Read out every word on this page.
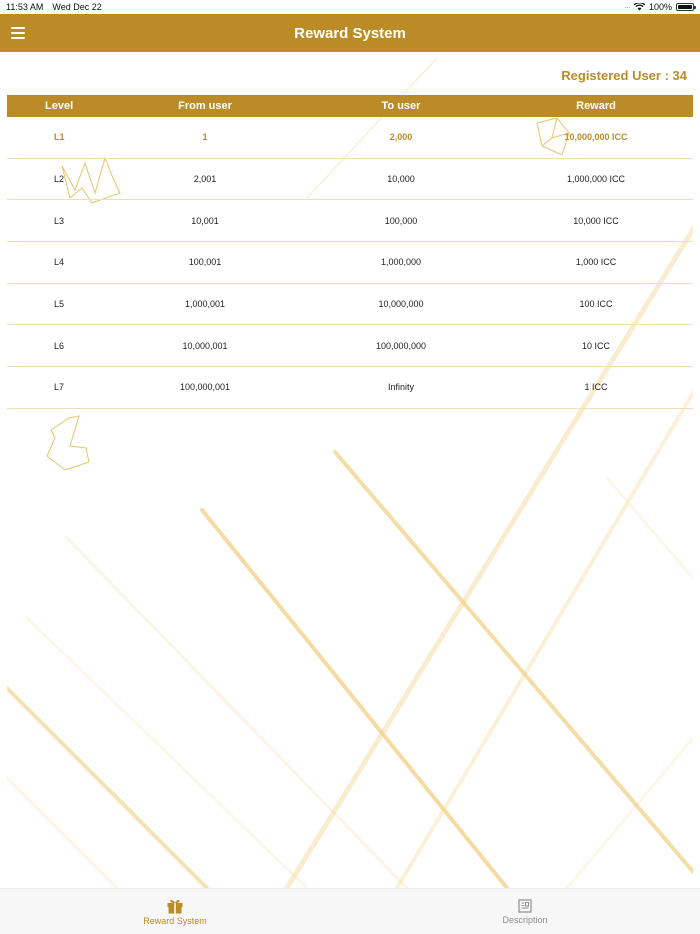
11:53 AM Wed Dec 22	··· 100%
Reward System
Registered User : 34
Level	From user	To user	Reward
L1	1	2,000	10,000,000 ICC
L2	2,001	10,000	1,000,000 ICC
L3	10,001	100,000	10,000 ICC
L4	100,001	1,000,000	1,000 ICC
L5	1,000,001	10,000,000	100 ICC
L6	10,000,001	100,000,000	10 ICC
L7	100,000,001	Infinity	1 ICC
Reward System	Description
